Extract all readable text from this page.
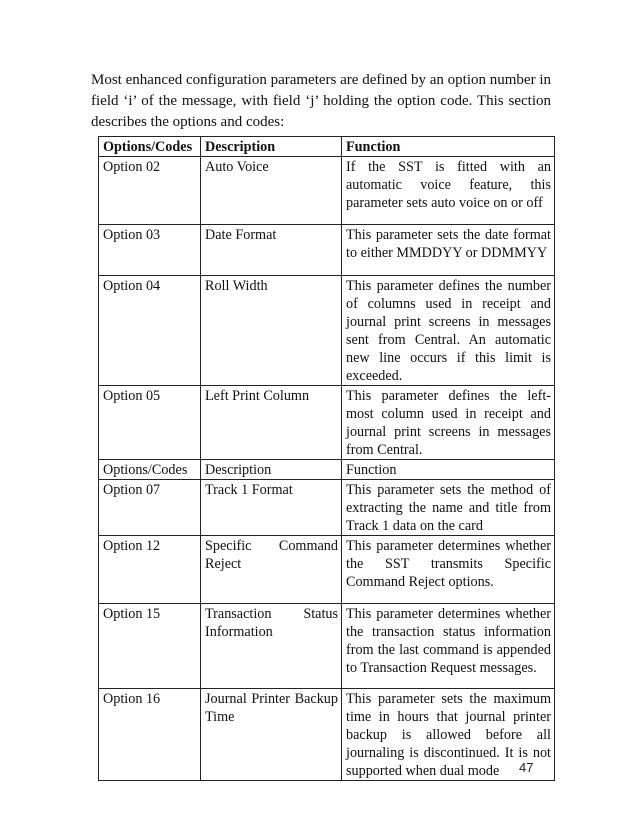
Most enhanced configuration parameters are defined by an option number in field ‘i’ of the message, with field ‘j’ holding the option code. This section describes the options and codes:

Options/Codes	Description	Function
Option 02	Auto Voice	If the SST is fitted with an automatic voice feature, this parameter sets auto voice on or off
Option 03	Date Format	This parameter sets the date format to either MMDDYY or DDMMYY
Option 04	Roll Width	This parameter defines the number of columns used in receipt and journal print screens in messages sent from Central. An automatic new line occurs if this limit is exceeded.
Option 05	Left Print Column	This parameter defines the left-most column used in receipt and journal print screens in messages from Central.
Options/Codes	Description	Function
Option 07	Track 1 Format	This parameter sets the method of extracting the name and title from Track 1 data on the card
Option 12	Specific Command Reject	This parameter determines whether the SST transmits Specific Command Reject options.
Option 15	Transaction Status Information	This parameter determines whether the transaction status information from the last command is appended to Transaction Request messages.
Option 16	Journal Printer Backup Time	This parameter sets the maximum time in hours that journal printer backup is allowed before all journaling is discontinued. It is not supported when dual mode 47
